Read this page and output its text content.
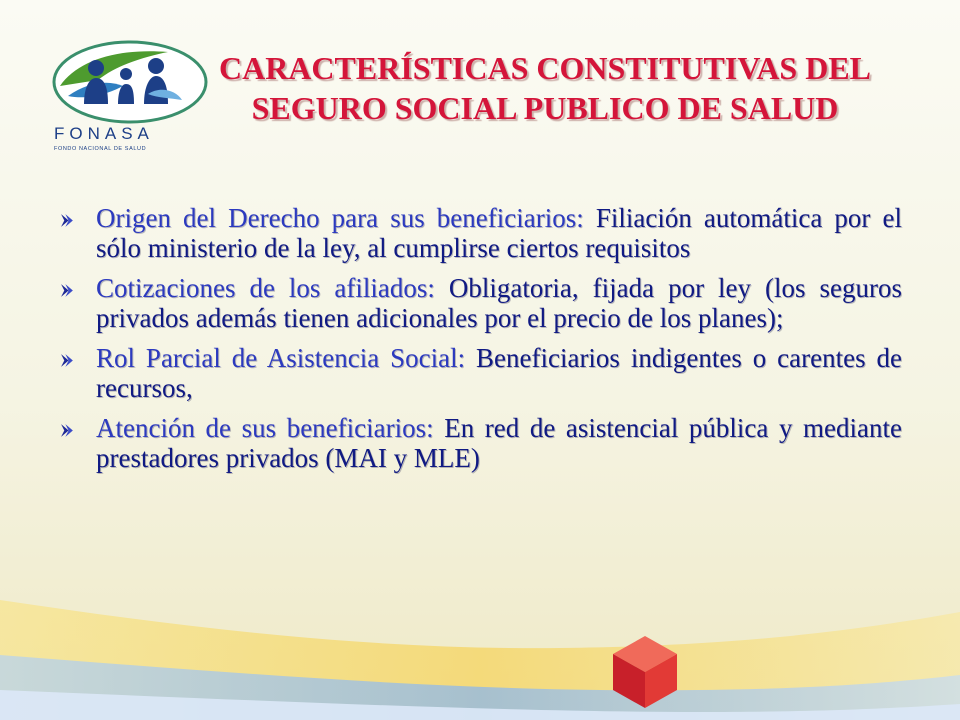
FONASA
FONDO NACIONAL DE SALUD
CARACTERÍSTICAS CONSTITUTIVAS DEL
SEGURO SOCIAL PUBLICO DE SALUD
Origen del Derecho para sus beneficiarios: Filiación automática por el sólo ministerio de la ley, al cumplirse ciertos requisitos
Cotizaciones de los afiliados: Obligatoria, fijada por ley (los seguros privados además tienen adicionales por el precio de los planes);
Rol Parcial de Asistencia Social: Beneficiarios indigentes o carentes de recursos,
Atención de sus beneficiarios: En red de asistencial pública y mediante prestadores privados (MAI y MLE)
